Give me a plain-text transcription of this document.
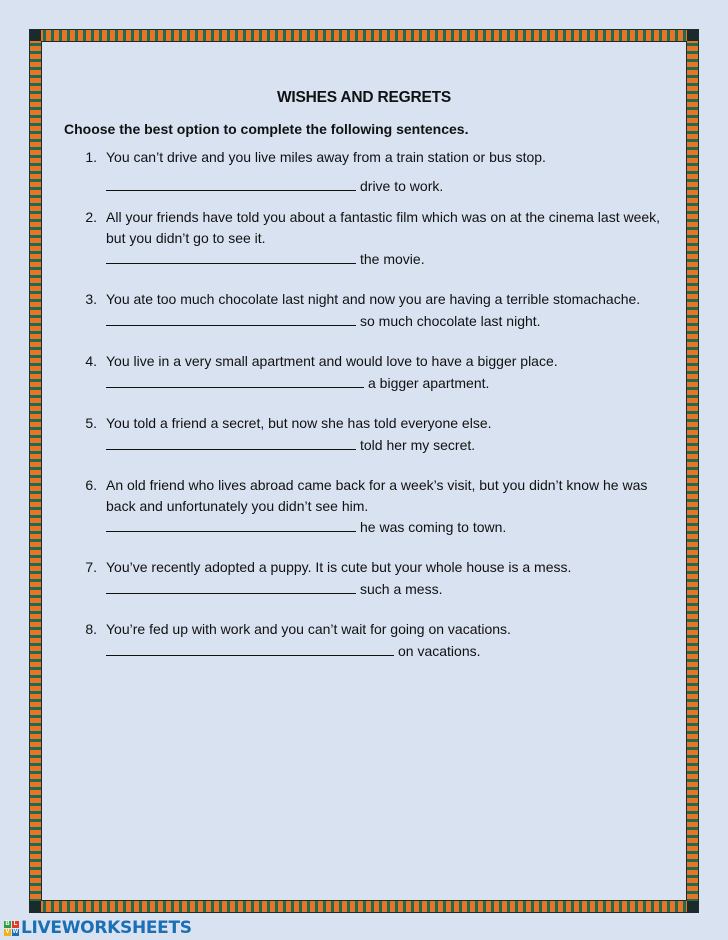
WISHES AND REGRETS
Choose the best option to complete the following sentences.
1. You can’t drive and you live miles away from a train station or bus stop.
drive to work.
2. All your friends have told you about a fantastic film which was on at the cinema last week,
but you didn’t go to see it.
the movie.
3. You ate too much chocolate last night and now you are having a terrible stomachache.
so much chocolate last night.
4. You live in a very small apartment and would love to have a bigger place.
a bigger apartment.
5. You told a friend a secret, but now she has told everyone else.
told her my secret.
6. An old friend who lives abroad came back for a week’s visit, but you didn’t know he was
back and unfortunately you didn’t see him.
he was coming to town.
7. You’ve recently adopted a puppy. It is cute but your whole house is a mess.
such a mess.
8. You’re fed up with work and you can’t wait for going on vacations.
on vacations.
B L
V W LIVEWORKSHEETS
